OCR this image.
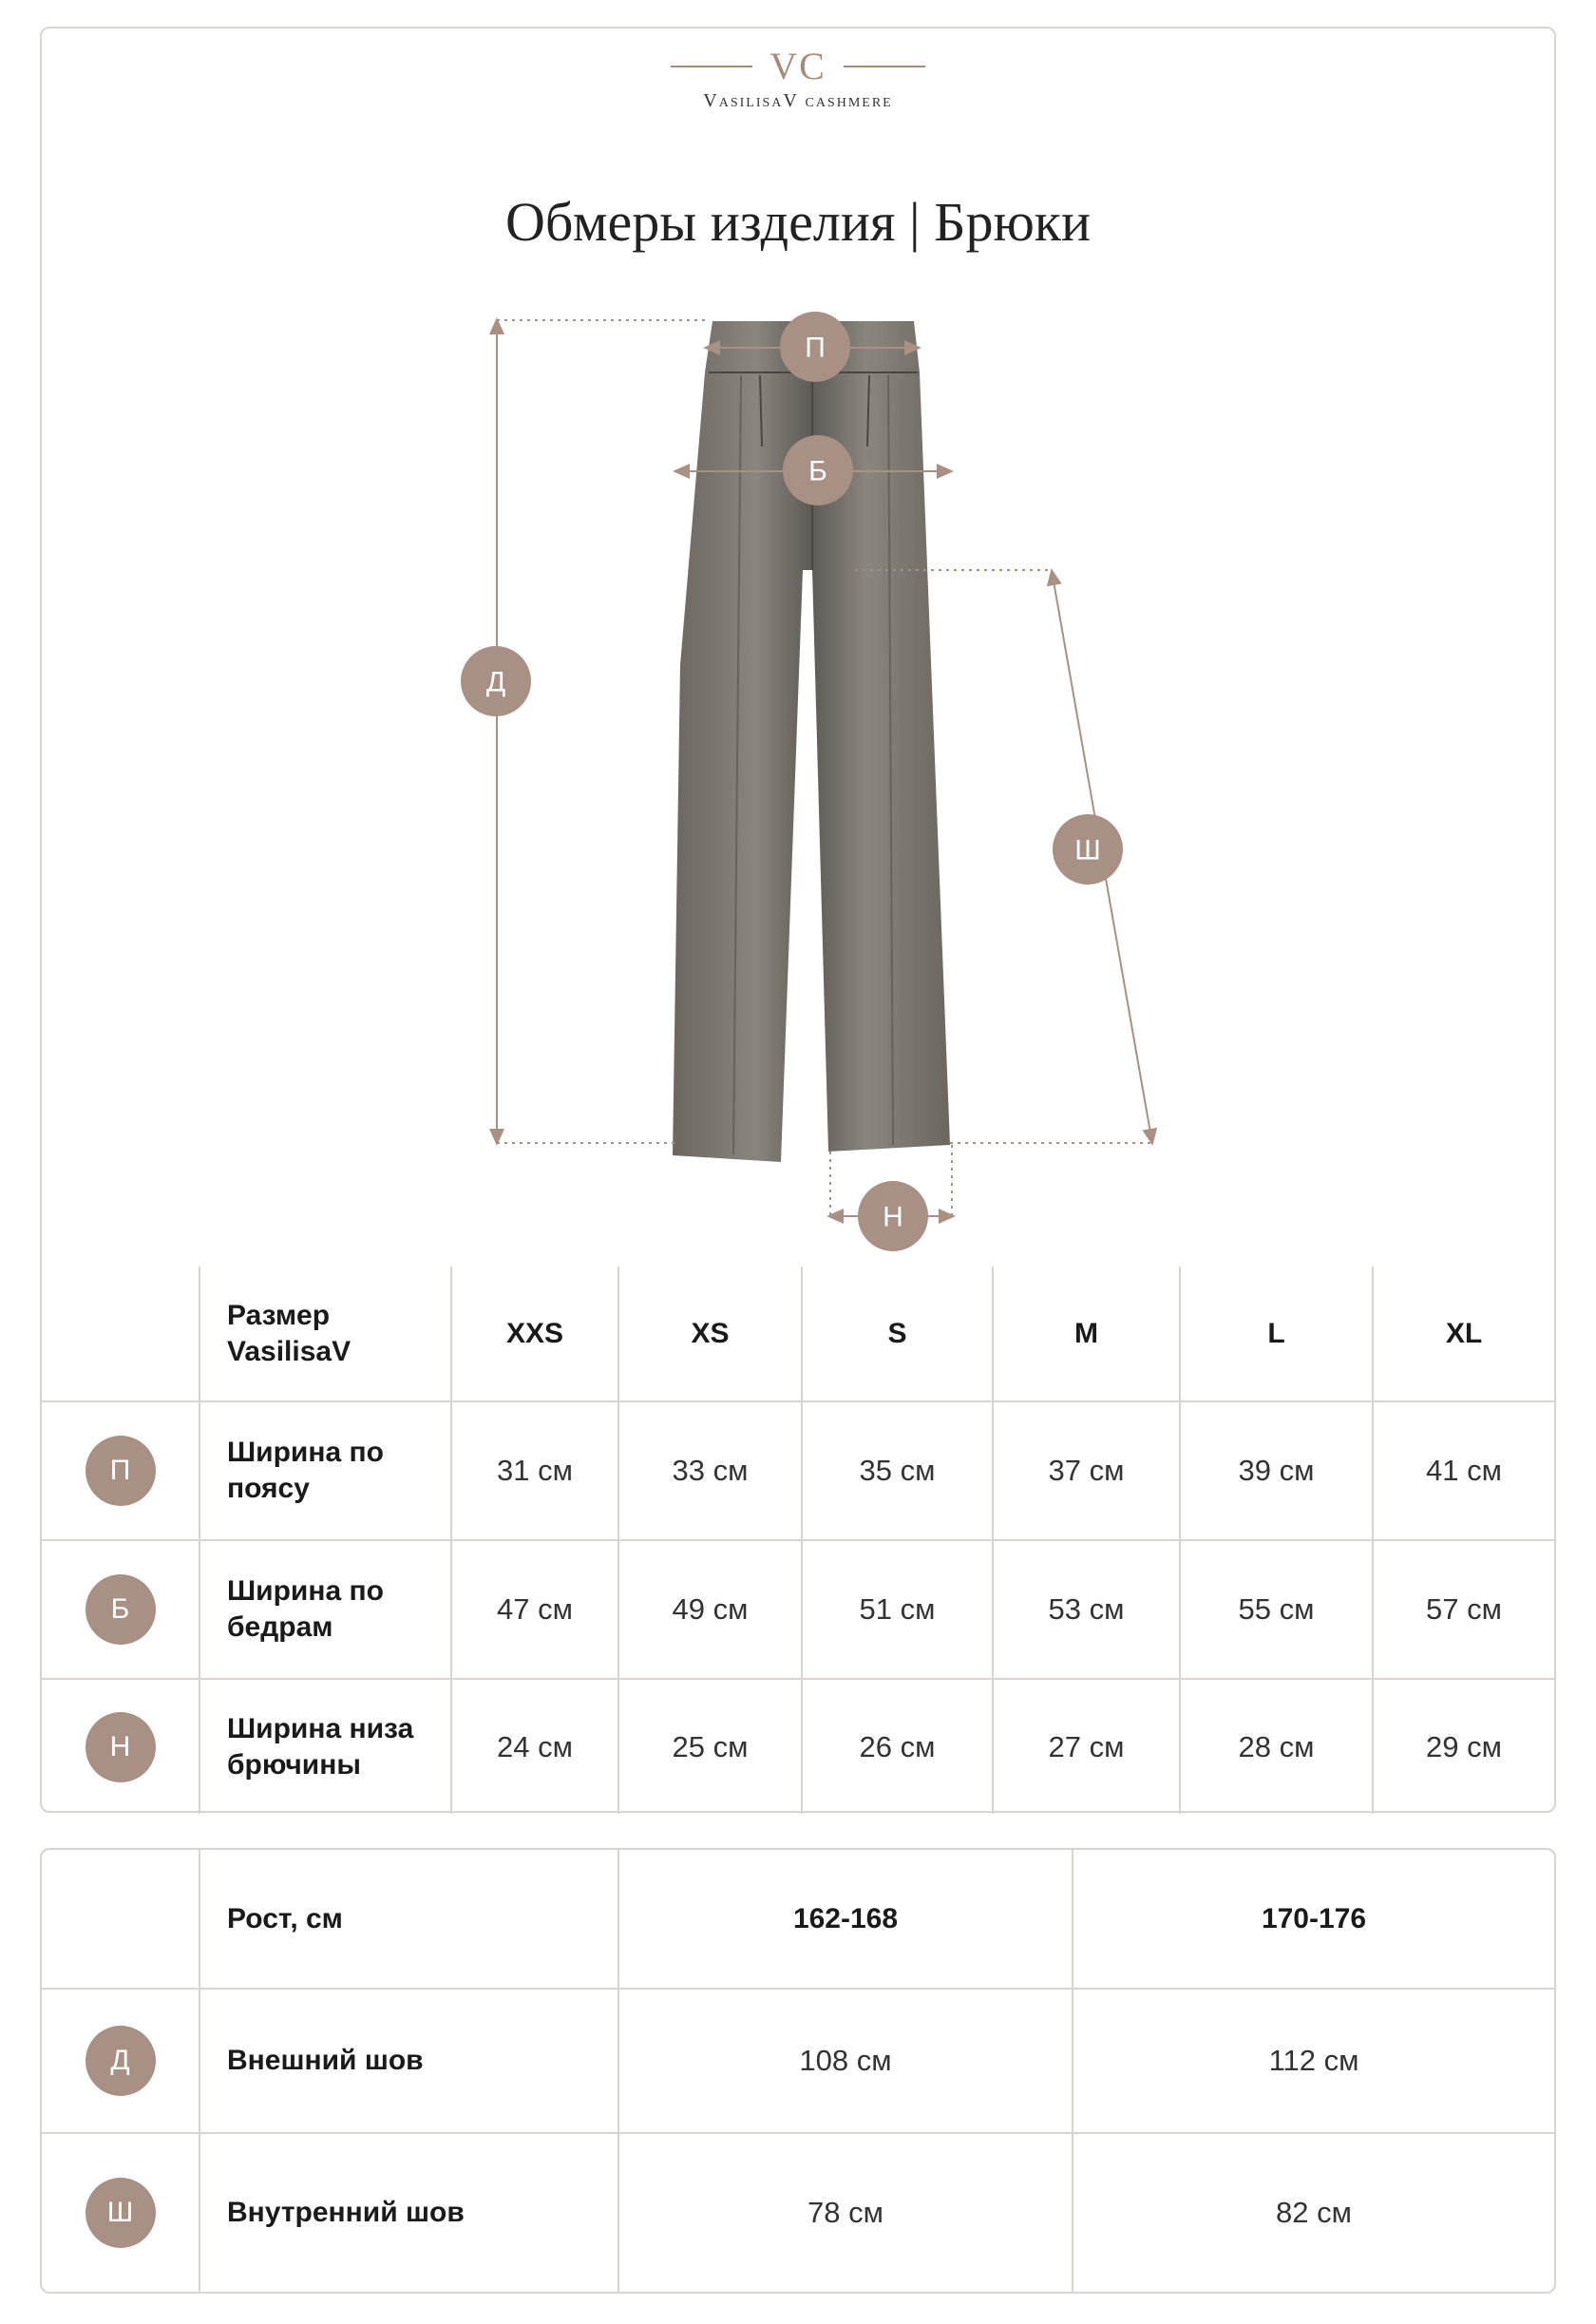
VC
VasilisaV cashmere
Обмеры изделия | Брюки
П
Б
Д
Ш
Н
	Размер VasilisaV	XXS	XS	S	M	L	XL
П	Ширина по поясу	31 см	33 см	35 см	37 см	39 см	41 см
Б	Ширина по бедрам	47 см	49 см	51 см	53 см	55 см	57 см
Н	Ширина низа брючины	24 см	25 см	26 см	27 см	28 см	29 см
	Рост, см	162-168	170-176
Д	Внешний шов	108 см	112 см
Ш	Внутренний шов	78 см	82 см
